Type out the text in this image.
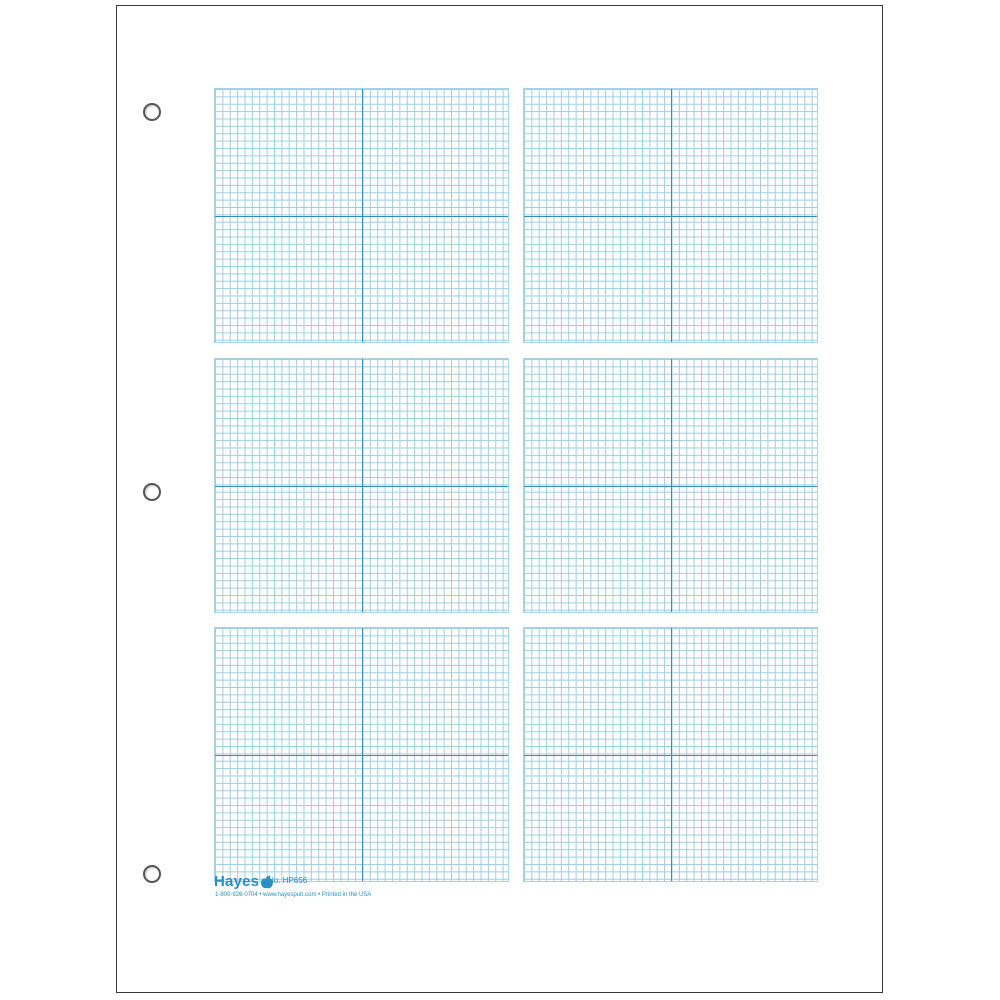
Hayes🍎︎
No. HP656
1-800-926-0704 • www.hayespub.com • Printed in the USA
